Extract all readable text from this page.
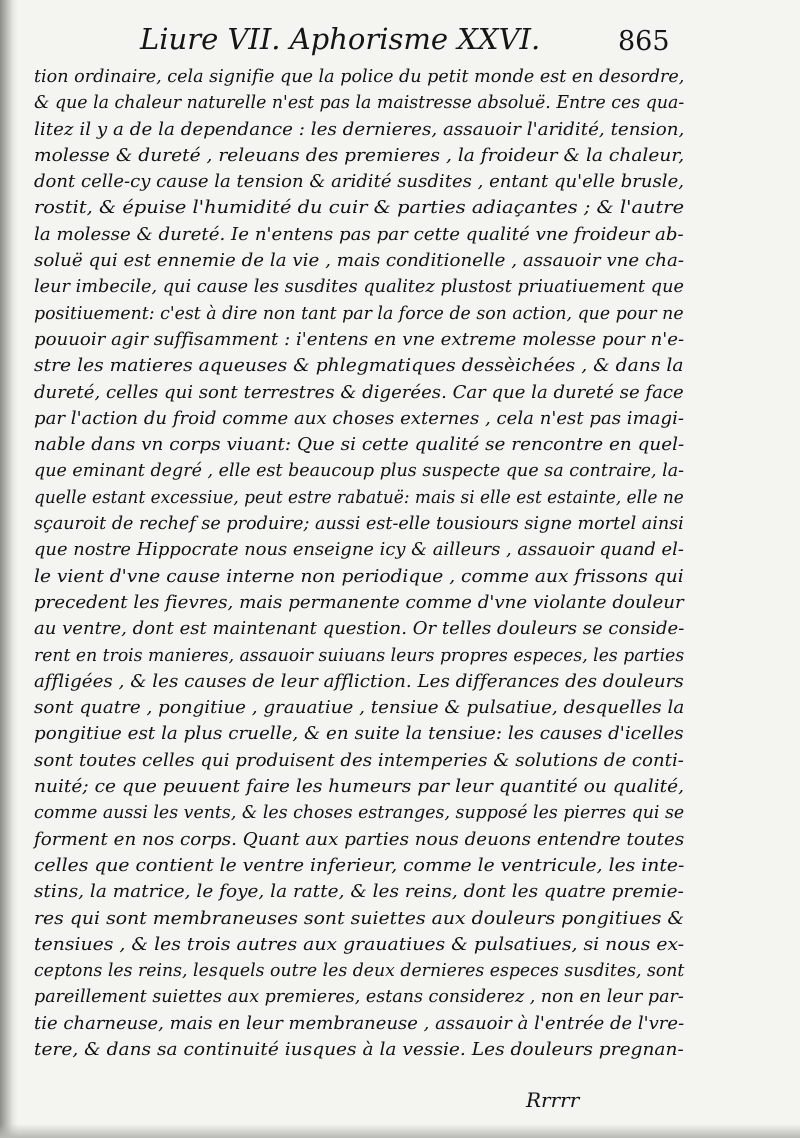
Liure VII. Aphorisme XXVI.	865
tion ordinaire, cela signifie que la police du petit monde est en desordre,
& que la chaleur naturelle n'est pas la maistresse absoluë. Entre ces qua-
litez il y a de la dependance : les dernieres, assauoir l'aridité, tension,
molesse & dureté , releuans des premieres , la froideur & la chaleur,
dont celle-cy cause la tension & aridité susdites , entant qu'elle brusle,
rostit, & épuise l'humidité du cuir & parties adiaçantes ; & l'autre
la molesse & dureté. Ie n'entens pas par cette qualité vne froideur ab-
soluë qui est ennemie de la vie , mais conditionelle , assauoir vne cha-
leur imbecile, qui cause les susdites qualitez plustost priuatiuement que
positiuement: c'est à dire non tant par la force de son action, que pour ne
pouuoir agir suffisamment : i'entens en vne extreme molesse pour n'e-
stre les matieres aqueuses & phlegmatiques dessèichées , & dans la
dureté, celles qui sont terrestres & digerées. Car que la dureté se face
par l'action du froid comme aux choses externes , cela n'est pas imagi-
nable dans vn corps viuant: Que si cette qualité se rencontre en quel-
que eminant degré , elle est beaucoup plus suspecte que sa contraire, la-
quelle estant excessiue, peut estre rabatuë: mais si elle est estainte, elle ne
sçauroit de rechef se produire; aussi est-elle tousiours signe mortel ainsi
que nostre Hippocrate nous enseigne icy & ailleurs , assauoir quand el-
le vient d'vne cause interne non periodique , comme aux frissons qui
precedent les fievres, mais permanente comme d'vne violante douleur
au ventre, dont est maintenant question. Or telles douleurs se conside-
rent en trois manieres, assauoir suiuans leurs propres especes, les parties
affligées , & les causes de leur affliction. Les differances des douleurs
sont quatre , pongitiue , grauatiue , tensiue & pulsatiue, desquelles la
pongitiue est la plus cruelle, & en suite la tensiue: les causes d'icelles
sont toutes celles qui produisent des intemperies & solutions de conti-
nuité; ce que peuuent faire les humeurs par leur quantité ou qualité,
comme aussi les vents, & les choses estranges, supposé les pierres qui se
forment en nos corps. Quant aux parties nous deuons entendre toutes
celles que contient le ventre inferieur, comme le ventricule, les inte-
stins, la matrice, le foye, la ratte, & les reins, dont les quatre premie-
res qui sont membraneuses sont suiettes aux douleurs pongitiues &
tensiues , & les trois autres aux grauatiues & pulsatiues, si nous ex-
ceptons les reins, lesquels outre les deux dernieres especes susdites, sont
pareillement suiettes aux premieres, estans considerez , non en leur par-
tie charneuse, mais en leur membraneuse , assauoir à l'entrée de l'vre-
tere, & dans sa continuité iusques à la vessie. Les douleurs pregnan-
Rrrrr
